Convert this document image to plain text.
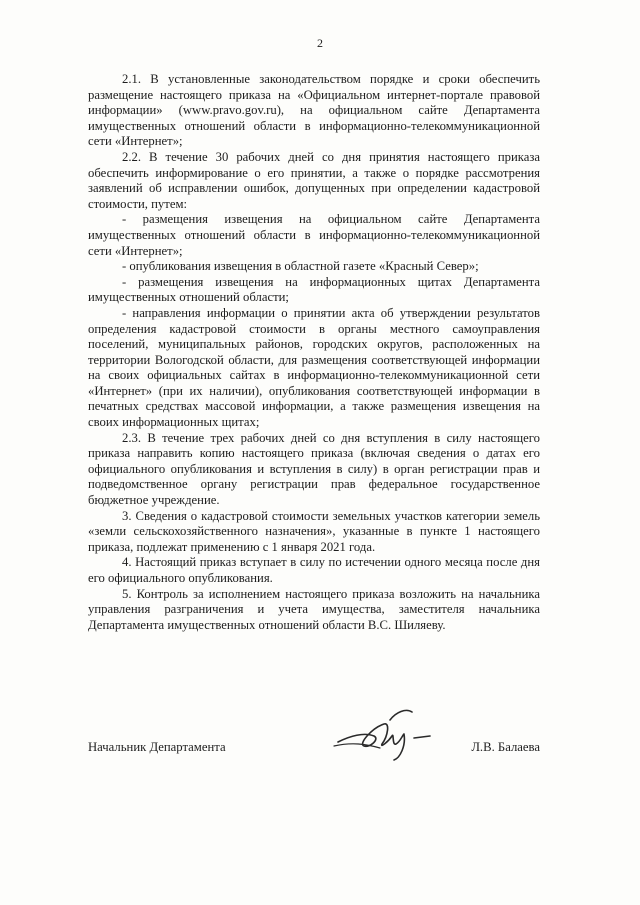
2

2.1. В установленные законодательством порядке и сроки обеспечить размещение настоящего приказа на «Официальном интернет-портале правовой информации» (www.pravo.gov.ru), на официальном сайте Департамента имущественных отношений области в информационно-телекоммуникационной сети «Интернет»;

2.2. В течение 30 рабочих дней со дня принятия настоящего приказа обеспечить информирование о его принятии, а также о порядке рассмотрения заявлений об исправлении ошибок, допущенных при определении кадастровой стоимости, путем:

- размещения извещения на официальном сайте Департамента имущественных отношений области в информационно-телекоммуникационной сети «Интернет»;

- опубликования извещения в областной газете «Красный Север»;

- размещения извещения на информационных щитах Департамента имущественных отношений области;

- направления информации о принятии акта об утверждении результатов определения кадастровой стоимости в органы местного самоуправления поселений, муниципальных районов, городских округов, расположенных на территории Вологодской области, для размещения соответствующей информации на своих официальных сайтах в информационно-телекоммуникационной сети «Интернет» (при их наличии), опубликования соответствующей информации в печатных средствах массовой информации, а также размещения извещения на своих информационных щитах;

2.3. В течение трех рабочих дней со дня вступления в силу настоящего приказа направить копию настоящего приказа (включая сведения о датах его официального опубликования и вступления в силу) в орган регистрации прав и подведомственное органу регистрации прав федеральное государственное бюджетное учреждение.

3. Сведения о кадастровой стоимости земельных участков категории земель «земли сельскохозяйственного назначения», указанные в пункте 1 настоящего приказа, подлежат применению с 1 января 2021 года.

4. Настоящий приказ вступает в силу по истечении одного месяца после дня его официального опубликования.

5. Контроль за исполнением настоящего приказа возложить на начальника управления разграничения и учета имущества, заместителя начальника Департамента имущественных отношений области В.С. Шиляеву.

Начальник Департамента	Л.В. Балаева
